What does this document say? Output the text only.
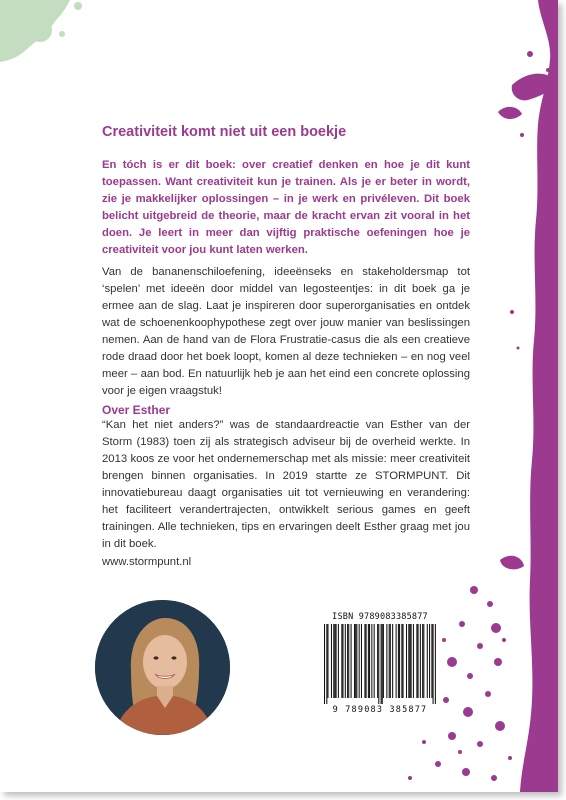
Creativiteit komt niet uit een boekje

En tóch is er dit boek: over creatief denken en hoe je dit kunt toepassen. Want creativiteit kun je trainen. Als je er beter in wordt, zie je makkelijker oplossingen – in je werk en privéleven. Dit boek belicht uitgebreid de theorie, maar de kracht ervan zit vooral in het doen. Je leert in meer dan vijftig praktische oefeningen hoe je creativiteit voor jou kunt laten werken.

Van de bananenschiloefening, ideeënseks en stakeholdersmap tot ‘spelen’ met ideeën door middel van legosteentjes: in dit boek ga je ermee aan de slag. Laat je inspireren door superorganisaties en ontdek wat de schoenenkoophypothese zegt over jouw manier van beslissingen nemen. Aan de hand van de Flora Frustratie-casus die als een creatieve rode draad door het boek loopt, komen al deze technieken – en nog veel meer – aan bod. En natuurlijk heb je aan het eind een concrete oplossing voor je eigen vraagstuk!

Over Esther

“Kan het niet anders?” was de standaardreactie van Esther van der Storm (1983) toen zij als strategisch adviseur bij de overheid werkte. In 2013 koos ze voor het ondernemerschap met als missie: meer creativiteit brengen binnen organisaties. In 2019 startte ze STORMPUNT. Dit innovatiebureau daagt organisaties uit tot vernieuwing en verandering: het faciliteert verandertrajecten, ontwikkelt serious games en geeft trainingen. Alle technieken, tips en ervaringen deelt Esther graag met jou in dit boek.

www.stormpunt.nl

ISBN 9789083385877
9 789083 385877
